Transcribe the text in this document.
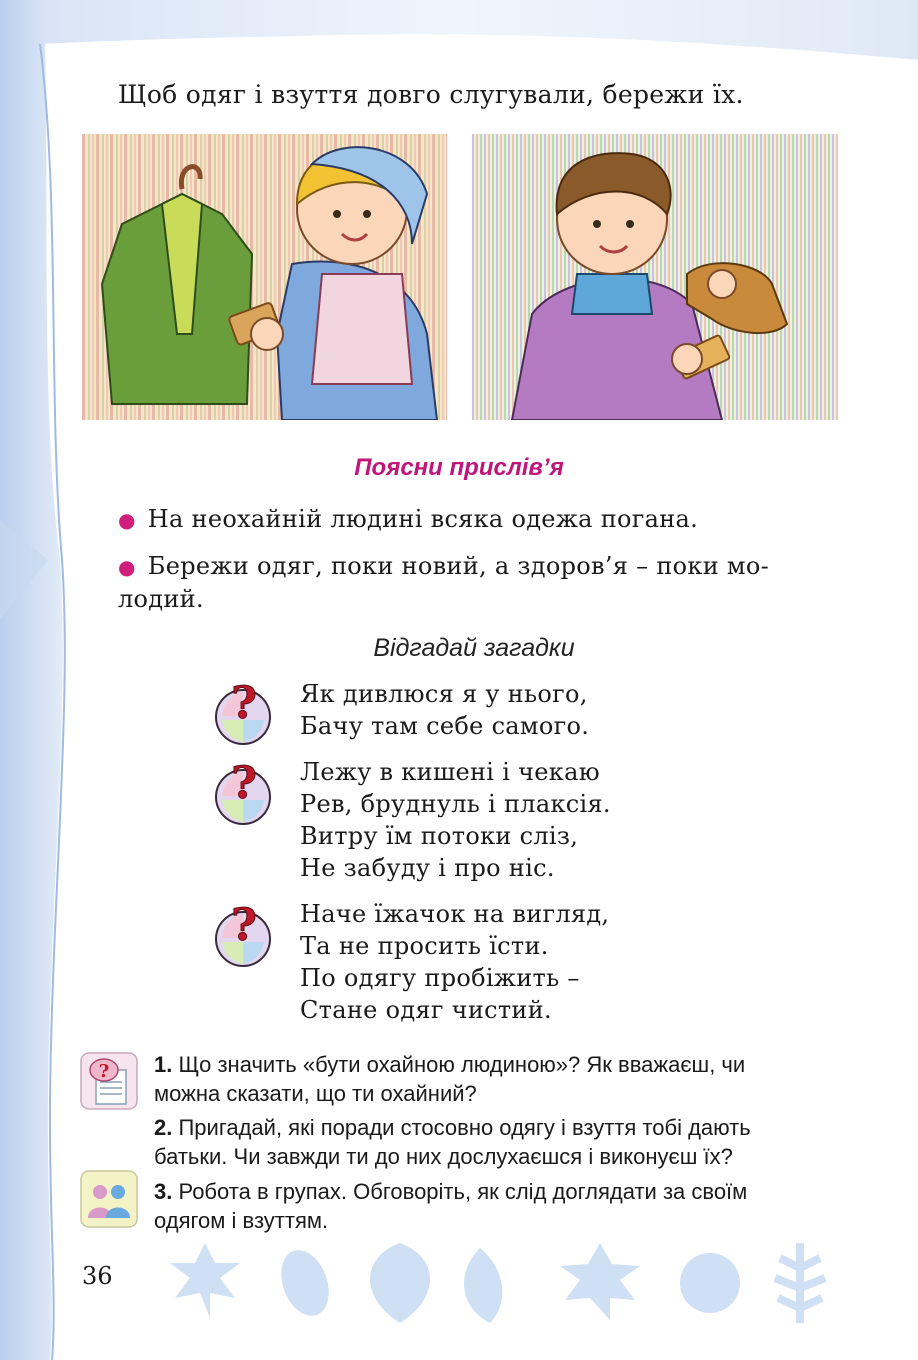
Щоб одяг і взуття довго слугували, бережи їх.
Поясни прислів’я
● На неохайній людині всяка одежа погана.
● Бережи одяг, поки новий, а здоров’я – поки мо-
лодий.
Відгадай загадки
?
?
?
Як дивлюся я у нього,
Бачу там себе самого.
Лежу в кишені і чекаю
Рев, бруднуль і плаксія.
Витру їм потоки сліз,
Не забуду і про ніс.
Наче їжачок на вигляд,
Та не просить їсти.
По одягу пробіжить –
Стане одяг чистий.
? 1. Що значить «бути охайною людиною»? Як вважаєш, чи
можна сказати, що ти охайний?
2. Пригадай, які поради стосовно одягу і взуття тобі дають
батьки. Чи завжди ти до них дослухаєшся і виконуєш їх?
3. Робота в групах. Обговоріть, як слід доглядати за своїм
одягом і взуттям.
36
